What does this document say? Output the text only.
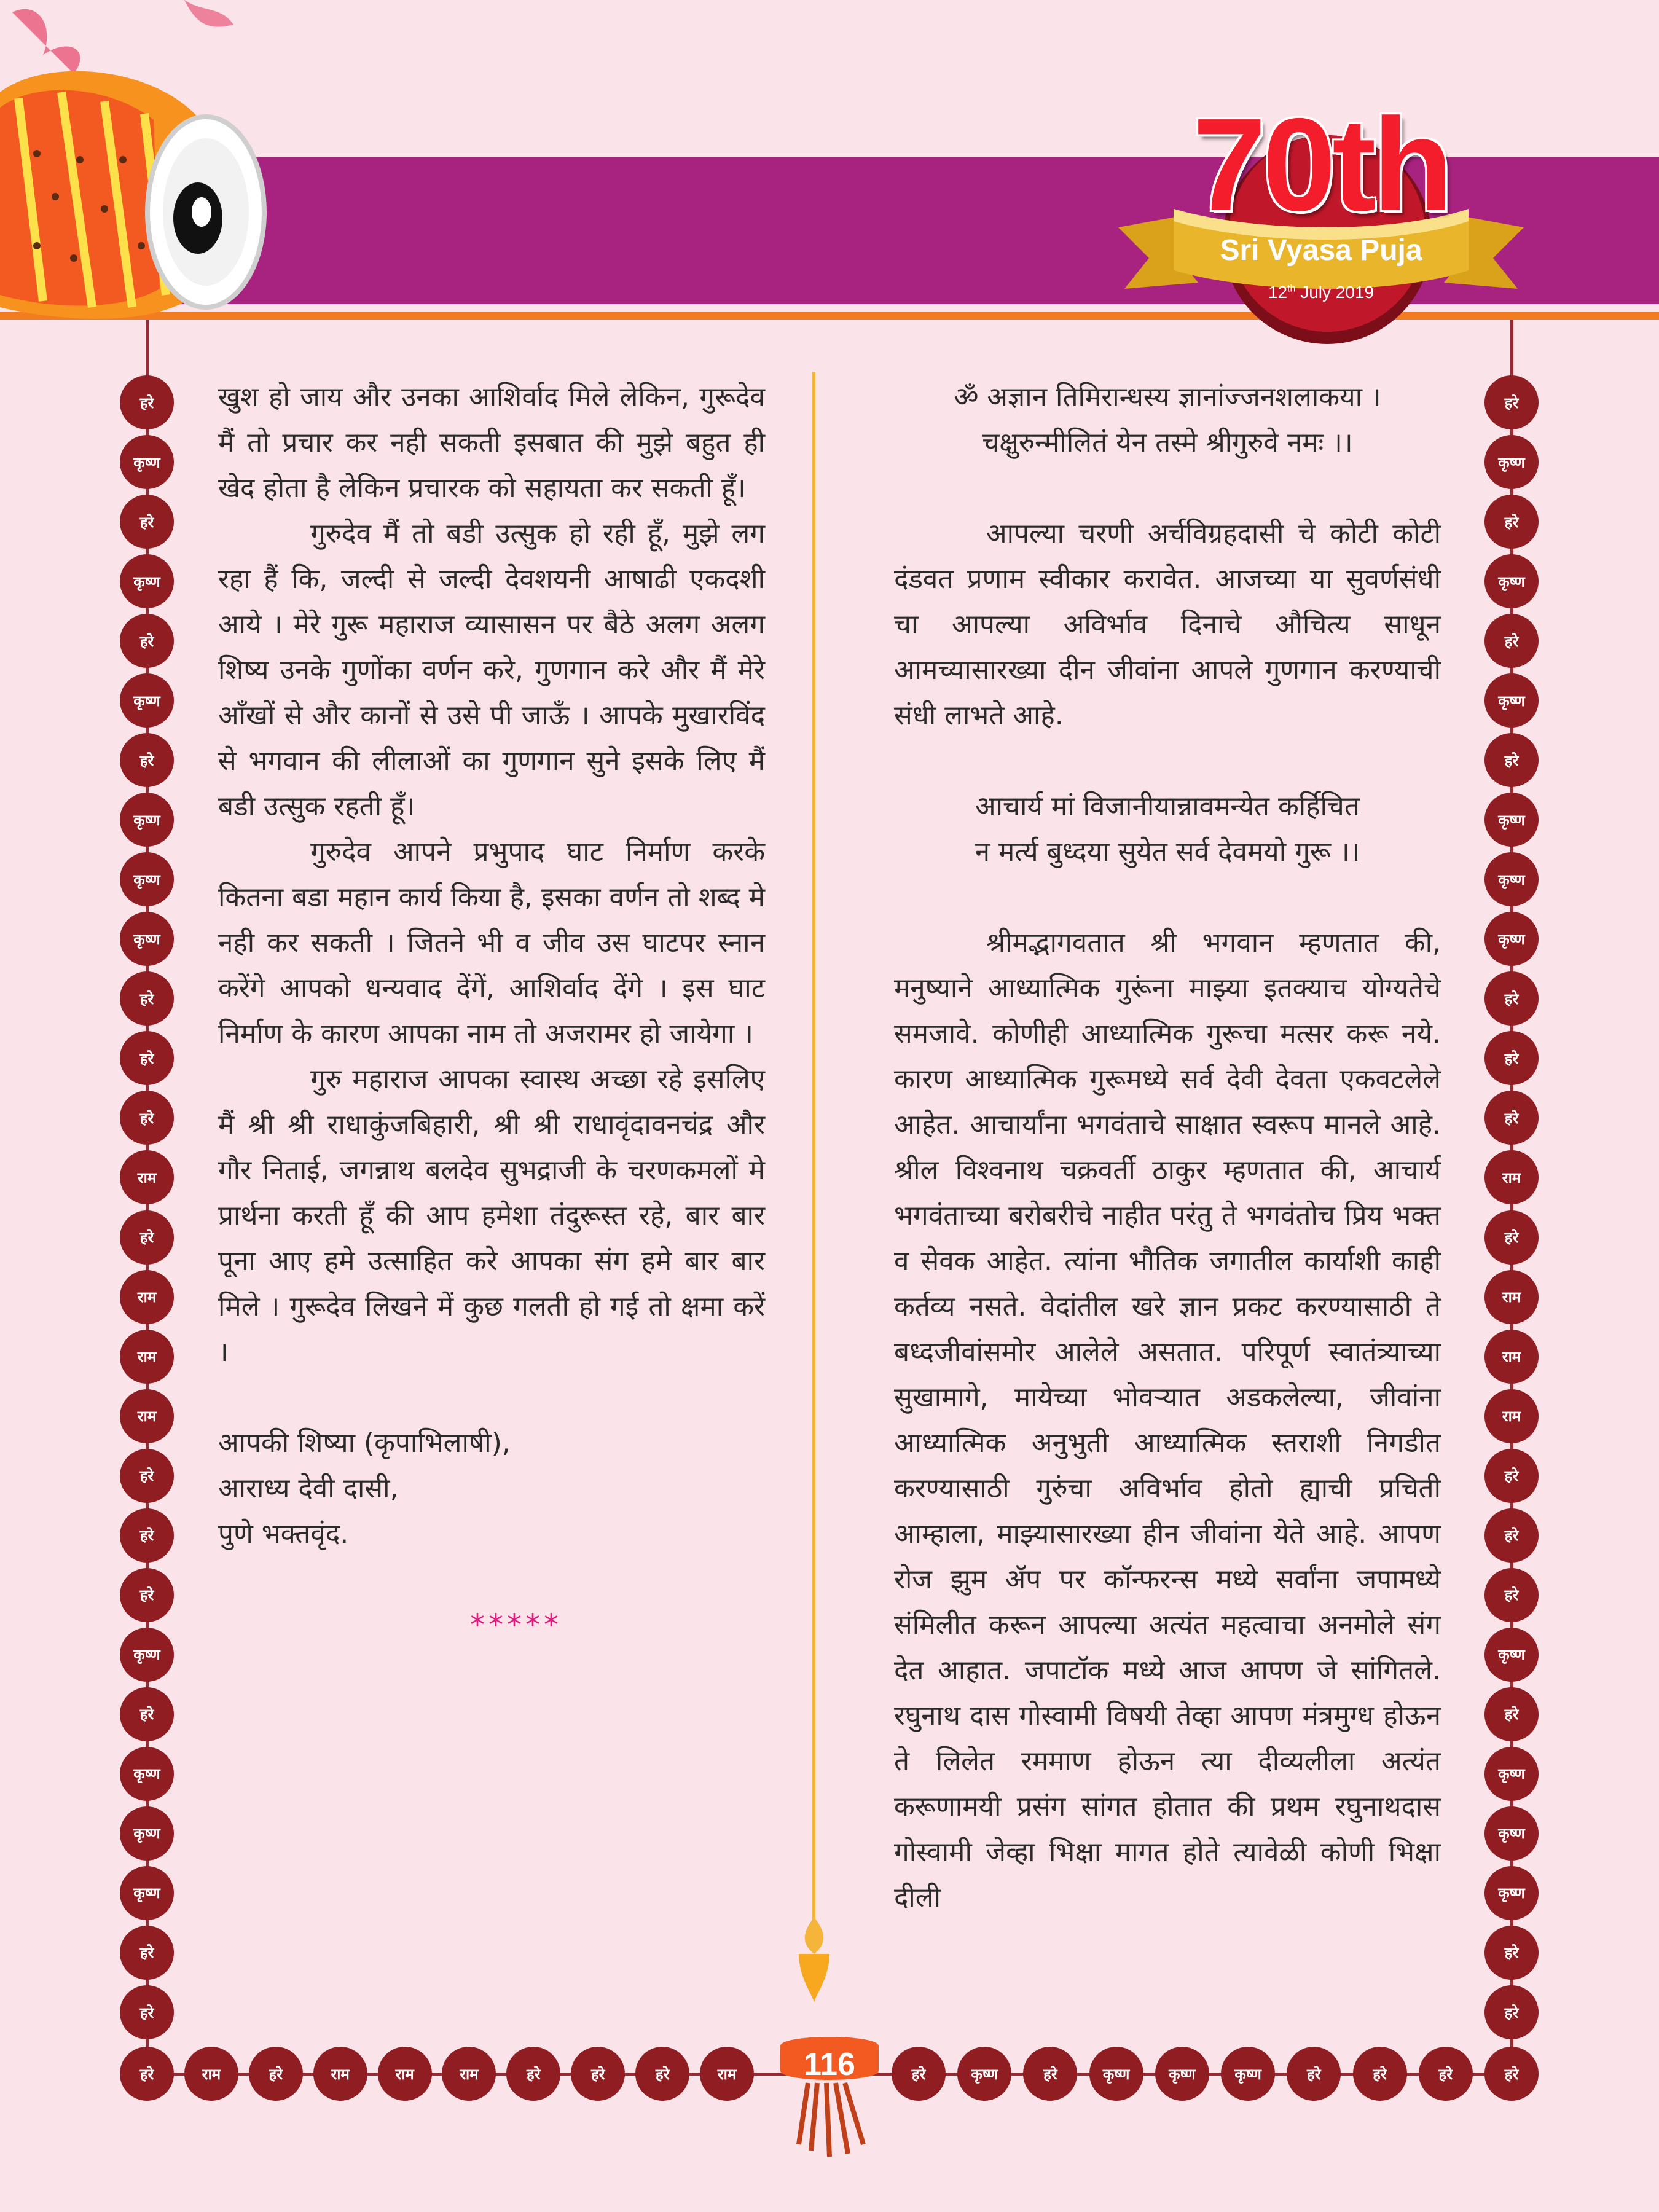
70th
Sri Vyasa Puja
12th July 2019
हरे
कृष्ण
हरे
कृष्ण
हरे
कृष्ण
हरे
कृष्ण
कृष्ण
कृष्ण
हरे
हरे
हरे
राम
हरे
राम
राम
राम
हरे
हरे
हरे
कृष्ण
हरे
कृष्ण
कृष्ण
कृष्ण
हरे
हरे
हरे
कृष्ण
हरे
कृष्ण
हरे
कृष्ण
हरे
कृष्ण
कृष्ण
कृष्ण
हरे
हरे
हरे
राम
हरे
राम
राम
राम
हरे
हरे
हरे
कृष्ण
हरे
कृष्ण
कृष्ण
कृष्ण
हरे
हरे
हरे	राम	हरे	राम	राम	राम	हरे	हरे	हरे	राम	हरे	कृष्ण	हरे	कृष्ण	कृष्ण	कृष्ण	हरे	हरे	हरे	हरे

खुश हो जाय और उनका आशिर्वाद मिले लेकिन, गुरूदेव मैं तो प्रचार कर नही सकती इसबात की मुझे बहुत ही खेद होता है लेकिन प्रचारक को सहायता कर सकती हूँ।

गुरुदेव मैं तो बडी उत्सुक हो रही हूँ, मुझे लग रहा हैं कि, जल्दी से जल्दी देवशयनी आषाढी एकदशी आये । मेरे गुरू महाराज व्यासासन पर बैठे अलग अलग शिष्य उनके गुणोंका वर्णन करे, गुणगान करे और मैं मेरे आँखों से और कानों से उसे पी जाऊँ । आपके मुखारविंद से भगवान की लीलाओं का गुणगान सुने इसके लिए मैं बडी उत्सुक रहती हूँ।

गुरुदेव आपने प्रभुपाद घाट निर्माण करके कितना बडा महान कार्य किया है, इसका वर्णन तो शब्द मे नही कर सकती । जितने भी व जीव उस घाटपर स्नान करेंगे आपको धन्यवाद देंगें, आशिर्वाद देंगे । इस घाट निर्माण के कारण आपका नाम तो अजरामर हो जायेगा ।

गुरु महाराज आपका स्वास्थ अच्छा रहे इसलिए मैं श्री श्री राधाकुंजबिहारी, श्री श्री राधावृंदावनचंद्र और गौर निताई, जगन्नाथ बलदेव सुभद्राजी के चरणकमलों मे प्रार्थना करती हूँ की आप हमेशा तंदुरूस्त रहे, बार बार पूना आए हमे उत्साहित करे आपका संग हमे बार बार मिले । गुरूदेव लिखने में कुछ गलती हो गई तो क्षमा करें ।

आपकी शिष्या (कृपाभिलाषी),

आराध्य देवी दासी,

पुणे भक्तवृंद.

*****

ॐ अज्ञान तिमिरान्धस्य ज्ञानांज्जनशलाकया ।

चक्षुरुन्मीलितं येन तस्मे श्रीगुरुवे नमः ।।

आपल्या चरणी अर्चविग्रहदासी चे कोटी कोटी दंडवत प्रणाम स्वीकार करावेत. आजच्या या सुवर्णसंधी चा आपल्या अविर्भाव दिनाचे औचित्य साधून आमच्यासारख्या दीन जीवांना आपले गुणगान करण्याची संधी लाभते आहे.

आचार्य मां विजानीयान्नावमन्येत कर्हिचित

न मर्त्य बुध्दया सुयेत सर्व देवमयो गुरू ।।

श्रीमद्भागवतात श्री भगवान म्हणतात की, मनुष्याने आध्यात्मिक गुरूंना माझ्या इतक्याच योग्यतेचे समजावे. कोणीही आध्यात्मिक गुरूचा मत्सर करू नये. कारण आध्यात्मिक गुरूमध्ये सर्व देवी देवता एकवटलेले आहेत. आचार्यांना भगवंताचे साक्षात स्वरूप मानले आहे. श्रील विश्वनाथ चक्रवर्ती ठाकुर म्हणतात की, आचार्य भगवंताच्या बरोबरीचे नाहीत परंतु ते भगवंतोच प्रिय भक्त व सेवक आहेत. त्यांना भौतिक जगातील कार्याशी काही कर्तव्य नसते. वेदांतील खरे ज्ञान प्रकट करण्यासाठी ते बध्दजीवांसमोर आलेले असतात. परिपूर्ण स्वातंत्र्याच्या सुखामागे, मायेच्या भोवऱ्यात अडकलेल्या, जीवांना आध्यात्मिक अनुभुती आध्यात्मिक स्तराशी निगडीत करण्यासाठी गुरुंचा अविर्भाव होतो ह्याची प्रचिती आम्हाला, माझ्यासारख्या हीन जीवांना येते आहे. आपण रोज झुम ॲप पर कॉन्फरन्स मध्ये सर्वांना जपामध्ये संमिलीत करून आपल्या अत्यंत महत्वाचा अनमोले संग देत आहात. जपाटॉक मध्ये आज आपण जे सांगितले. रघुनाथ दास गोस्वामी विषयी तेव्हा आपण मंत्रमुग्ध होऊन ते लिलेत रममाण होऊन त्या दीव्यलीला अत्यंत करूणामयी प्रसंग सांगत होतात की प्रथम रघुनाथदास गोस्वामी जेव्हा भिक्षा मागत होते त्यावेळी कोणी भिक्षा दीली

116
